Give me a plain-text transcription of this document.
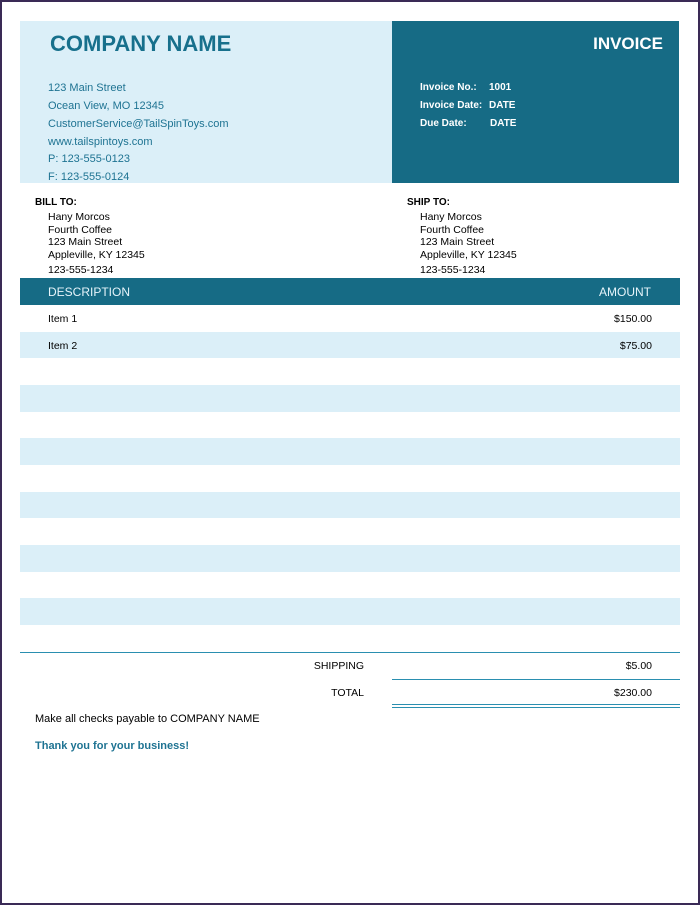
COMPANY NAME
123 Main Street
Ocean View, MO 12345
CustomerService@TailSpinToys.com
www.tailspintoys.com
P: 123-555-0123
F: 123-555-0124
INVOICE
Invoice No.: 1001
Invoice Date: DATE
Due Date: DATE
BILL TO:
Hany Morcos
Fourth Coffee
123 Main Street
Appleville, KY 12345
123-555-1234
SHIP TO:
Hany Morcos
Fourth Coffee
123 Main Street
Appleville, KY 12345
123-555-1234
DESCRIPTION	AMOUNT
Item 1	$150.00
Item 2	$75.00
SHIPPING	$5.00
TOTAL	$230.00
Make all checks payable to COMPANY NAME
Thank you for your business!
